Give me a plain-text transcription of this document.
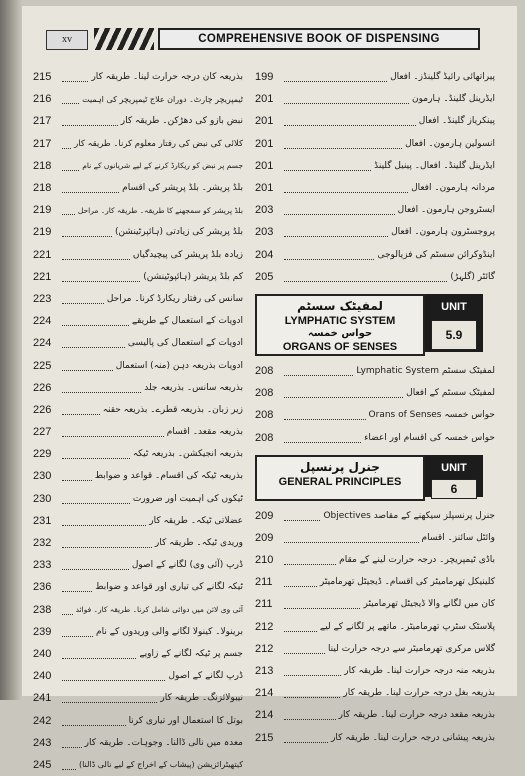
xv	COMPREHENSIVE BOOK OF DISPENSING
215	بذریعہ کان درجہ حرارت لینا۔ طریقہ کار
216	ٹیمپریچر چارٹ۔ دوران علاج ٹیمپریچر کی اہمیت
217	نبض بازو کی دھڑکن۔ طریقہ کار
217	کلائی کی نبض کی رفتار معلوم کرنا۔ طریقہ کار
218	جسم پر نبض کو ریکارڈ کرنے کے لیے شریانوں کے نام
218	بلڈ پریشر۔ بلڈ پریشر کی اقسام
219	بلڈ پریشر کو سمجھنے کا طریقہ۔ طریقہ کار۔ مراحل
219	بلڈ پریشر کی زیادتی (ہائپرٹینشن)
221	زیادہ بلڈ پریشر کی پیچیدگیاں
221	کم بلڈ پریشر (ہائپوٹینشن)
223	سانس کی رفتار ریکارڈ کرنا۔ مراحل
224	ادویات کے استعمال کے طریقے
224	ادویات کے استعمال کی پالیسی
225	ادویات بذریعہ دہن (منہ) استعمال
226	بذریعہ سانس۔ بذریعہ جلد
226	زیر زبان۔ بذریعہ قطرے۔ بذریعہ حقنہ
227	بذریعہ مقعد۔ اقسام
229	بذریعہ انجیکشن۔ بذریعہ ٹیکہ
230	بذریعہ ٹیکہ کی اقسام۔ قواعد و ضوابط
230	ٹیکوں کی اہمیت اور ضرورت
231	عضلاتی ٹیکہ۔ طریقہ کار
232	وریدی ٹیکہ۔ طریقہ کار
233	ڈرپ (آئی وی) لگانے کے اصول
236	ٹیکہ لگانے کی تیاری اور قواعد و ضوابط
238	آئی وی لائن میں دوائی شامل کرنا۔ طریقہ کار۔ فوائد
239	برینولا۔ کینولا لگانے والی وریدوں کے نام
240	جسم پر ٹیکہ لگانے کے زاویے
240	ڈرپ لگانے کے اصول
241	نیبولائزنگ۔ طریقہ کار
242	بوتل کا استعمال اور تیاری کرنا
243	معدہ میں نالی ڈالنا۔ وجوہات۔ طریقہ کار
245	کیتھیٹرائزیشن (پیشاب کے اخراج کے لیے نالی ڈالنا)
199	پیراتھائی رائیڈ گلینڈز۔ افعال
201	ایڈرینل گلینڈ۔ ہارمون
201	پینکریاز گلینڈ۔ افعال
201	انسولین ہارمون۔ افعال
201	ایڈرینل گلینڈ۔ افعال۔ پینیل گلینڈ
201	مردانہ ہارمون۔ افعال
203	ایسٹروجن ہارمون۔ افعال
203	پروجسٹرون ہارمون۔ افعال
204	اینڈوکرائن سسٹم کی فزیالوجی
205	گائٹر (گلہڑ)
لمفیٹک سسٹم
LYMPHATIC SYSTEM
حواس خمسہ
ORGANS OF SENSES
UNIT
5.9
208	لمفیٹک سسٹم Lymphatic System
208	لمفیٹک سسٹم کے افعال
208	حواس خمسہ Orans of Senses
208	حواس خمسہ کی اقسام اور اعضاء
جنرل پرنسپل
GENERAL PRINCIPLES
UNIT
6
209	جنرل پرنسپلز سیکھنے کے مقاصد Objectives
209	وائٹل سائنز۔ اقسام
210	باڈی ٹیمپریچر۔ درجہ حرارت لینے کے مقام
211	کلینیکل تھرمامیٹر کی اقسام۔ ڈیجیٹل تھرمامیٹر
211	کان میں لگانے والا ڈیجیٹل تھرمامیٹر
212	پلاسٹک سٹرپ تھرمامیٹر۔ ماتھے پر لگانے کے لیے
212	گلاس مرکری تھرمامیٹر سے درجہ حرارت لینا
213	بذریعہ منہ درجہ حرارت لینا۔ طریقہ کار
214	بذریعہ بغل درجہ حرارت لینا۔ طریقہ کار
214	بذریعہ مقعد درجہ حرارت لینا۔ طریقہ کار
215	بذریعہ پیشانی درجہ حرارت لینا۔ طریقہ کار
